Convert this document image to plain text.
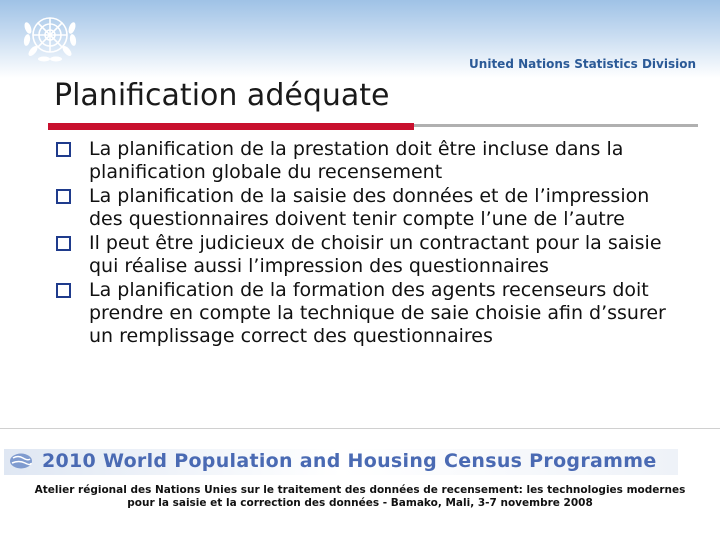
United Nations Statistics Division
Planification adéquate
La planification de la prestation doit être incluse dans la planification globale du recensement
La planification de la saisie des données et de l’impression des questionnaires doivent tenir compte l’une de l’autre
Il peut être judicieux de choisir un contractant pour la saisie qui réalise aussi l’impression des questionnaires
La planification de la formation des agents recenseurs doit prendre en compte la technique de saie choisie afin d’ssurer un remplissage correct des questionnaires
2010 World Population and Housing Census Programme
Atelier régional des Nations Unies sur le traitement des données de recensement: les technologies modernes pour la saisie et la correction des données - Bamako, Mali, 3-7 novembre 2008
